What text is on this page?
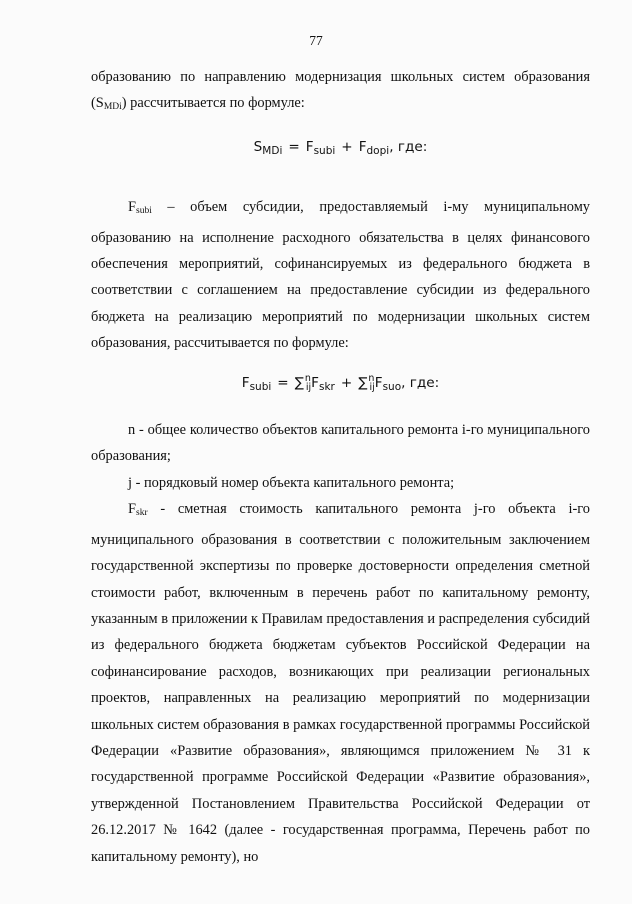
77

образованию по направлению модернизация школьных систем образования $(S_{MDi})$ рассчитывается по формуле:

$S_{MDi} = F_{subi} + F_{dopi}$, где:

$F_{subi}$ – объем субсидии, предоставляемый i-му муниципальному образованию на исполнение расходного обязательства в целях финансового обеспечения мероприятий, софинансируемых из федерального бюджета в соответствии с соглашением на предоставление субсидии из федерального бюджета на реализацию мероприятий по модернизации школьных систем образования, рассчитывается по формуле:

$F_{subi} = \sum^n_{ij}F_{skr} + \sum^n_{ij}F_{suo}$, где:

n - общее количество объектов капитального ремонта i-го муниципального образования;

j - порядковый номер объекта капитального ремонта;

$F_{skr}$ - сметная стоимость капитального ремонта j-го объекта i-го муниципального образования в соответствии с положительным заключением государственной экспертизы по проверке достоверности определения сметной стоимости работ, включенным в перечень работ по капитальному ремонту, указанным в приложении к Правилам предоставления и распределения субсидий из федерального бюджета бюджетам субъектов Российской Федерации на софинансирование расходов, возникающих при реализации региональных проектов, направленных на реализацию мероприятий по модернизации школьных систем образования в рамках государственной программы Российской Федерации «Развитие образования», являющимся приложением № 31 к государственной программе Российской Федерации «Развитие образования», утвержденной Постановлением Правительства Российской Федерации от 26.12.2017 № 1642 (далее - государственная программа, Перечень работ по капитальному ремонту), но
